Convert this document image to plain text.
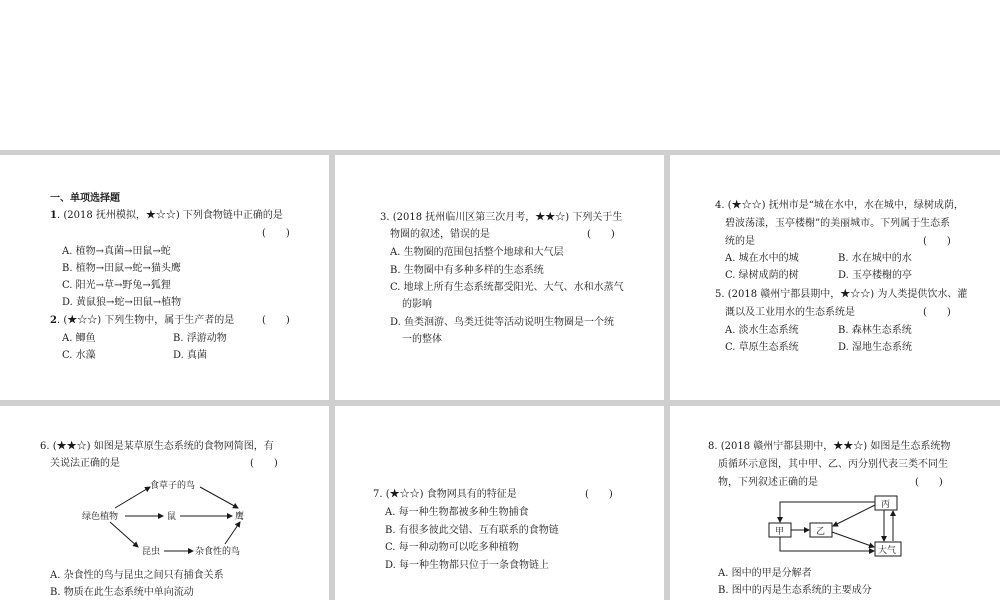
一、单项选择题
1. (2018 抚州模拟，★☆☆) 下列食物链中正确的是
(　　)
A. 植物→真菌→田鼠→蛇
B. 植物→田鼠→蛇→猫头鹰
C. 阳光→草→野兔→狐狸
D. 黄鼠狼→蛇→田鼠→植物
2. (★☆☆) 下列生物中，属于生产者的是	(　　)
A. 鲫鱼	B. 浮游动物
C. 水藻	D. 真菌
3. (2018 抚州临川区第三次月考，★★☆) 下列关于生
物圈的叙述，错误的是	(　　)
A. 生物圈的范围包括整个地球和大气层
B. 生物圈中有多种多样的生态系统
C. 地球上所有生态系统都受阳光、大气、水和水蒸气
的影响
D. 鱼类洄游、鸟类迁徙等活动说明生物圈是一个统
一的整体
4. (★☆☆) 抚州市是“城在水中，水在城中，绿树成荫，
碧波荡漾，玉亭楼榭”的美丽城市。下列属于生态系
统的是	(　　)
A. 城在水中的城	B. 水在城中的水
C. 绿树成荫的树	D. 玉亭楼榭的亭
5. (2018 赣州宁都县期中，★☆☆) 为人类提供饮水、灌
溉以及工业用水的生态系统是	(　　)
A. 淡水生态系统	B. 森林生态系统
C. 草原生态系统	D. 湿地生态系统
6. (★★☆) 如图是某草原生态系统的食物网简图，有
关说法正确的是	(　　)
食草子的鸟
绿色植物	鼠	鹰
昆虫	杂食性的鸟
A. 杂食性的鸟与昆虫之间只有捕食关系
B. 物质在此生态系统中单向流动
7. (★☆☆) 食物网具有的特征是	(　　)
A. 每一种生物都被多种生物捕食
B. 有很多彼此交错、互有联系的食物链
C. 每一种动物可以吃多种植物
D. 每一种生物都只位于一条食物链上
8. (2018 赣州宁都县期中，★★☆) 如图是生态系统物
质循环示意图，其中甲、乙、丙分别代表三类不同生
物，下列叙述正确的是	(　　)
丙
甲	乙
大气
A. 图中的甲是分解者
B. 图中的丙是生态系统的主要成分
